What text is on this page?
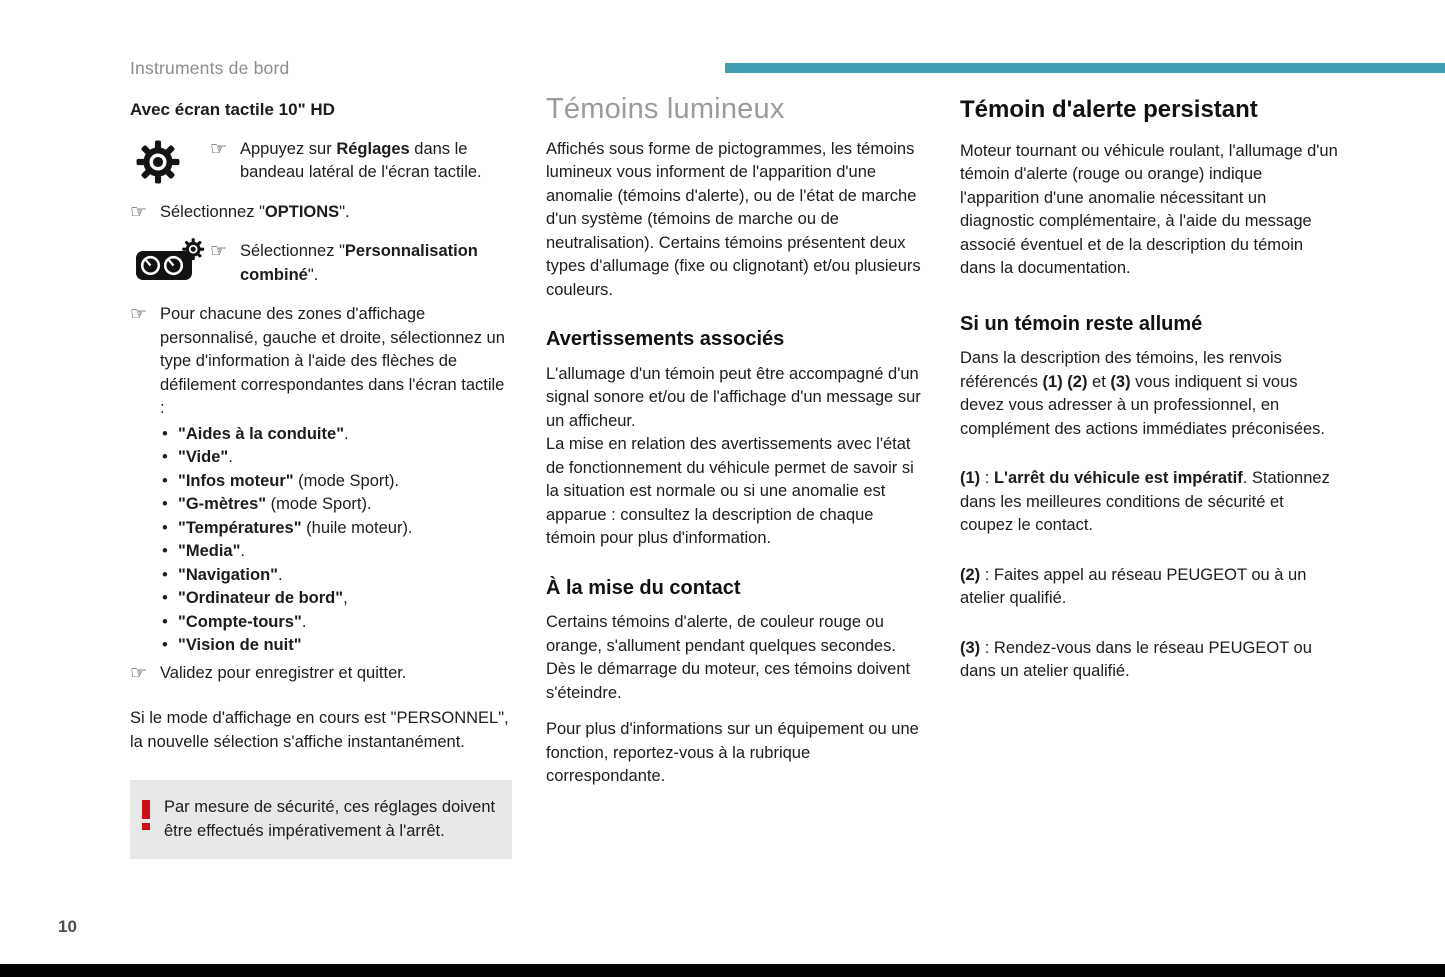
Instruments de bord
Avec écran tactile 10" HD
☞ Appuyez sur Réglages dans le bandeau latéral de l'écran tactile.

☞ Sélectionnez "OPTIONS".

☞ Sélectionnez "Personnalisation combiné".

☞ Pour chacune des zones d'affichage personnalisé, gauche et droite, sélectionnez un type d'information à l'aide des flèches de défilement correspondantes dans l'écran tactile :

• "Aides à la conduite".
• "Vide".
• "Infos moteur" (mode Sport).
• "G-mètres" (mode Sport).
• "Températures" (huile moteur).
• "Media".
• "Navigation".
• "Ordinateur de bord",
• "Compte-tours".
• "Vision de nuit"
☞ Validez pour enregistrer et quitter.

Si le mode d'affichage en cours est "PERSONNEL", la nouvelle sélection s'affiche instantanément.

Par mesure de sécurité, ces réglages doivent être effectués impérativement à l'arrêt.

Témoins lumineux

Affichés sous forme de pictogrammes, les témoins lumineux vous informent de l'apparition d'une anomalie (témoins d'alerte), ou de l'état de marche d'un système (témoins de marche ou de neutralisation). Certains témoins présentent deux types d'allumage (fixe ou clignotant) et/ou plusieurs couleurs.

Avertissements associés

L'allumage d'un témoin peut être accompagné d'un signal sonore et/ou de l'affichage d'un message sur un afficheur.

La mise en relation des avertissements avec l'état de fonctionnement du véhicule permet de savoir si la situation est normale ou si une anomalie est apparue : consultez la description de chaque témoin pour plus d'information.

À la mise du contact

Certains témoins d'alerte, de couleur rouge ou orange, s'allument pendant quelques secondes. Dès le démarrage du moteur, ces témoins doivent s'éteindre.

Pour plus d'informations sur un équipement ou une fonction, reportez-vous à la rubrique correspondante.

Témoin d'alerte persistant

Moteur tournant ou véhicule roulant, l'allumage d'un témoin d'alerte (rouge ou orange) indique l'apparition d'une anomalie nécessitant un diagnostic complémentaire, à l'aide du message associé éventuel et de la description du témoin dans la documentation.

Si un témoin reste allumé

Dans la description des témoins, les renvois référencés (1) (2) et (3) vous indiquent si vous devez vous adresser à un professionnel, en complément des actions immédiates préconisées.

(1) : L'arrêt du véhicule est impératif. Stationnez dans les meilleures conditions de sécurité et coupez le contact.

(2) : Faites appel au réseau PEUGEOT ou à un atelier qualifié.

(3) : Rendez-vous dans le réseau PEUGEOT ou dans un atelier qualifié.

10
